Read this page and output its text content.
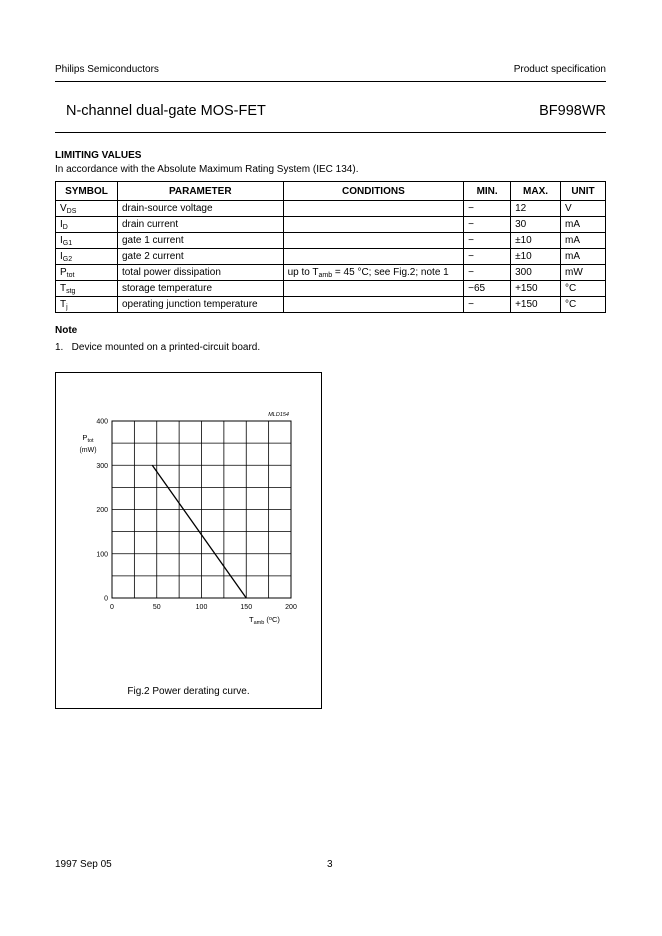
Philips Semiconductors	Product specification
N-channel dual-gate MOS-FET	BF998WR
LIMITING VALUES
In accordance with the Absolute Maximum Rating System (IEC 134).
SYMBOL	PARAMETER	CONDITIONS	MIN.	MAX.	UNIT
$V_{DS}$	drain-source voltage		−	12	V
$I_D$	drain current		−	30	mA
$I_{G1}$	gate 1 current		−	±10	mA
$I_{G2}$	gate 2 current		−	±10	mA
$P_{tot}$	total power dissipation	up to $T_{amb} = 45$ °C; see Fig.2; note 1	−	300	mW
$T_{stg}$	storage temperature		−65	+150	°C
$T_j$	operating junction temperature		−	+150	°C
Note
1.   Device mounted on a printed-circuit board.
0	50	100	150	200
0
100
200
300
400
$P_{tot}$
(mW)
$T_{amb}$ ($^o$C)
MLD154
Fig.2 Power derating curve.
1997 Sep 05	3
